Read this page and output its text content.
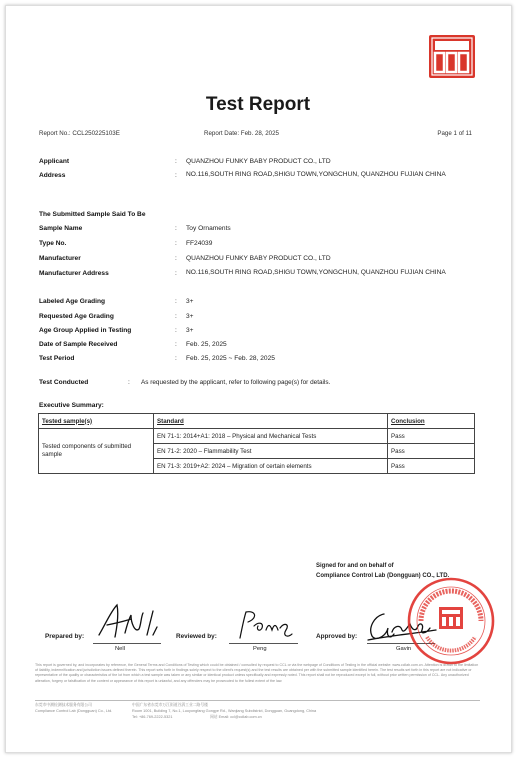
Test Report
Report No.: CCL250225103E	Report Date: Feb. 28, 2025	Page 1 of 11
Applicant	: QUANZHOU FUNKY BABY PRODUCT CO., LTD
Address	: NO.116,SOUTH RING ROAD,SHIGU TOWN,YONGCHUN, QUANZHOU FUJIAN CHINA
The Submitted Sample Said To Be
Sample Name	: Toy Ornaments
Type No.	: FF24039
Manufacturer	: QUANZHOU FUNKY BABY PRODUCT CO., LTD
Manufacturer Address	: NO.116,SOUTH RING ROAD,SHIGU TOWN,YONGCHUN, QUANZHOU FUJIAN CHINA
Labeled Age Grading	: 3+
Requested Age Grading	: 3+
Age Group Applied in Testing	: 3+
Date of Sample Received	: Feb. 25, 2025
Test Period	: Feb. 25, 2025 ~ Feb. 28, 2025
Test Conducted	: As requested by the applicant, refer to following page(s) for details.
Executive Summary:
Tested sample(s)	Standard	Conclusion
Tested components of submitted sample	EN 71-1: 2014+A1: 2018 – Physical and Mechanical Tests	Pass
	EN 71-2: 2020 – Flammability Test	Pass
	EN 71-3: 2019+A2: 2024 – Migration of certain elements	Pass
Signed for and on behalf of
Compliance Control Lab (Dongguan) CO., LTD.
Prepared by:
Nell
Reviewed by:
Peng
Approved by:
Gavin
This report is governed by, and incorporates by reference, the General Terms and Conditions of Testing which could be obtained / consulted by request to CCL or via the webpage of Conditions of Testing in the official website: www.ccllab.com.cn. Attention is drawn to the limitation of liability, indemnification and jurisdiction issues defined therein. This report sets forth in findings solely respect to the client's request(s) and the test results are obtained per with the submitted sample identified herein. The test results set forth in this report are not indicative or representative of the quality or characteristics of the lot from which a test sample was taken or any similar or identical product unless specifically and expressly noted. This report shall not be reproduced except in full, without prior written permission of CCL. Any unauthorized alteration, forgery or falsification of the content or appearance of this report is unlawful, and any offenders may be prosecuted to the fullest extent of the law.
东莞市中测检测技术服务有限公司
Compliance Control Lab (Dongguan) Co., Ltd.
中国广东省东莞市万江街道谷涡工业二路号楼
Room 1001, Building 7, No.1, Luoyongfang Gongye Rd., Wanjiang Subdistrict, Dongguan, Guangdong, China
Tel: +86-769-2222-5321	网站 Email: ccl@ccllab.com.cn
